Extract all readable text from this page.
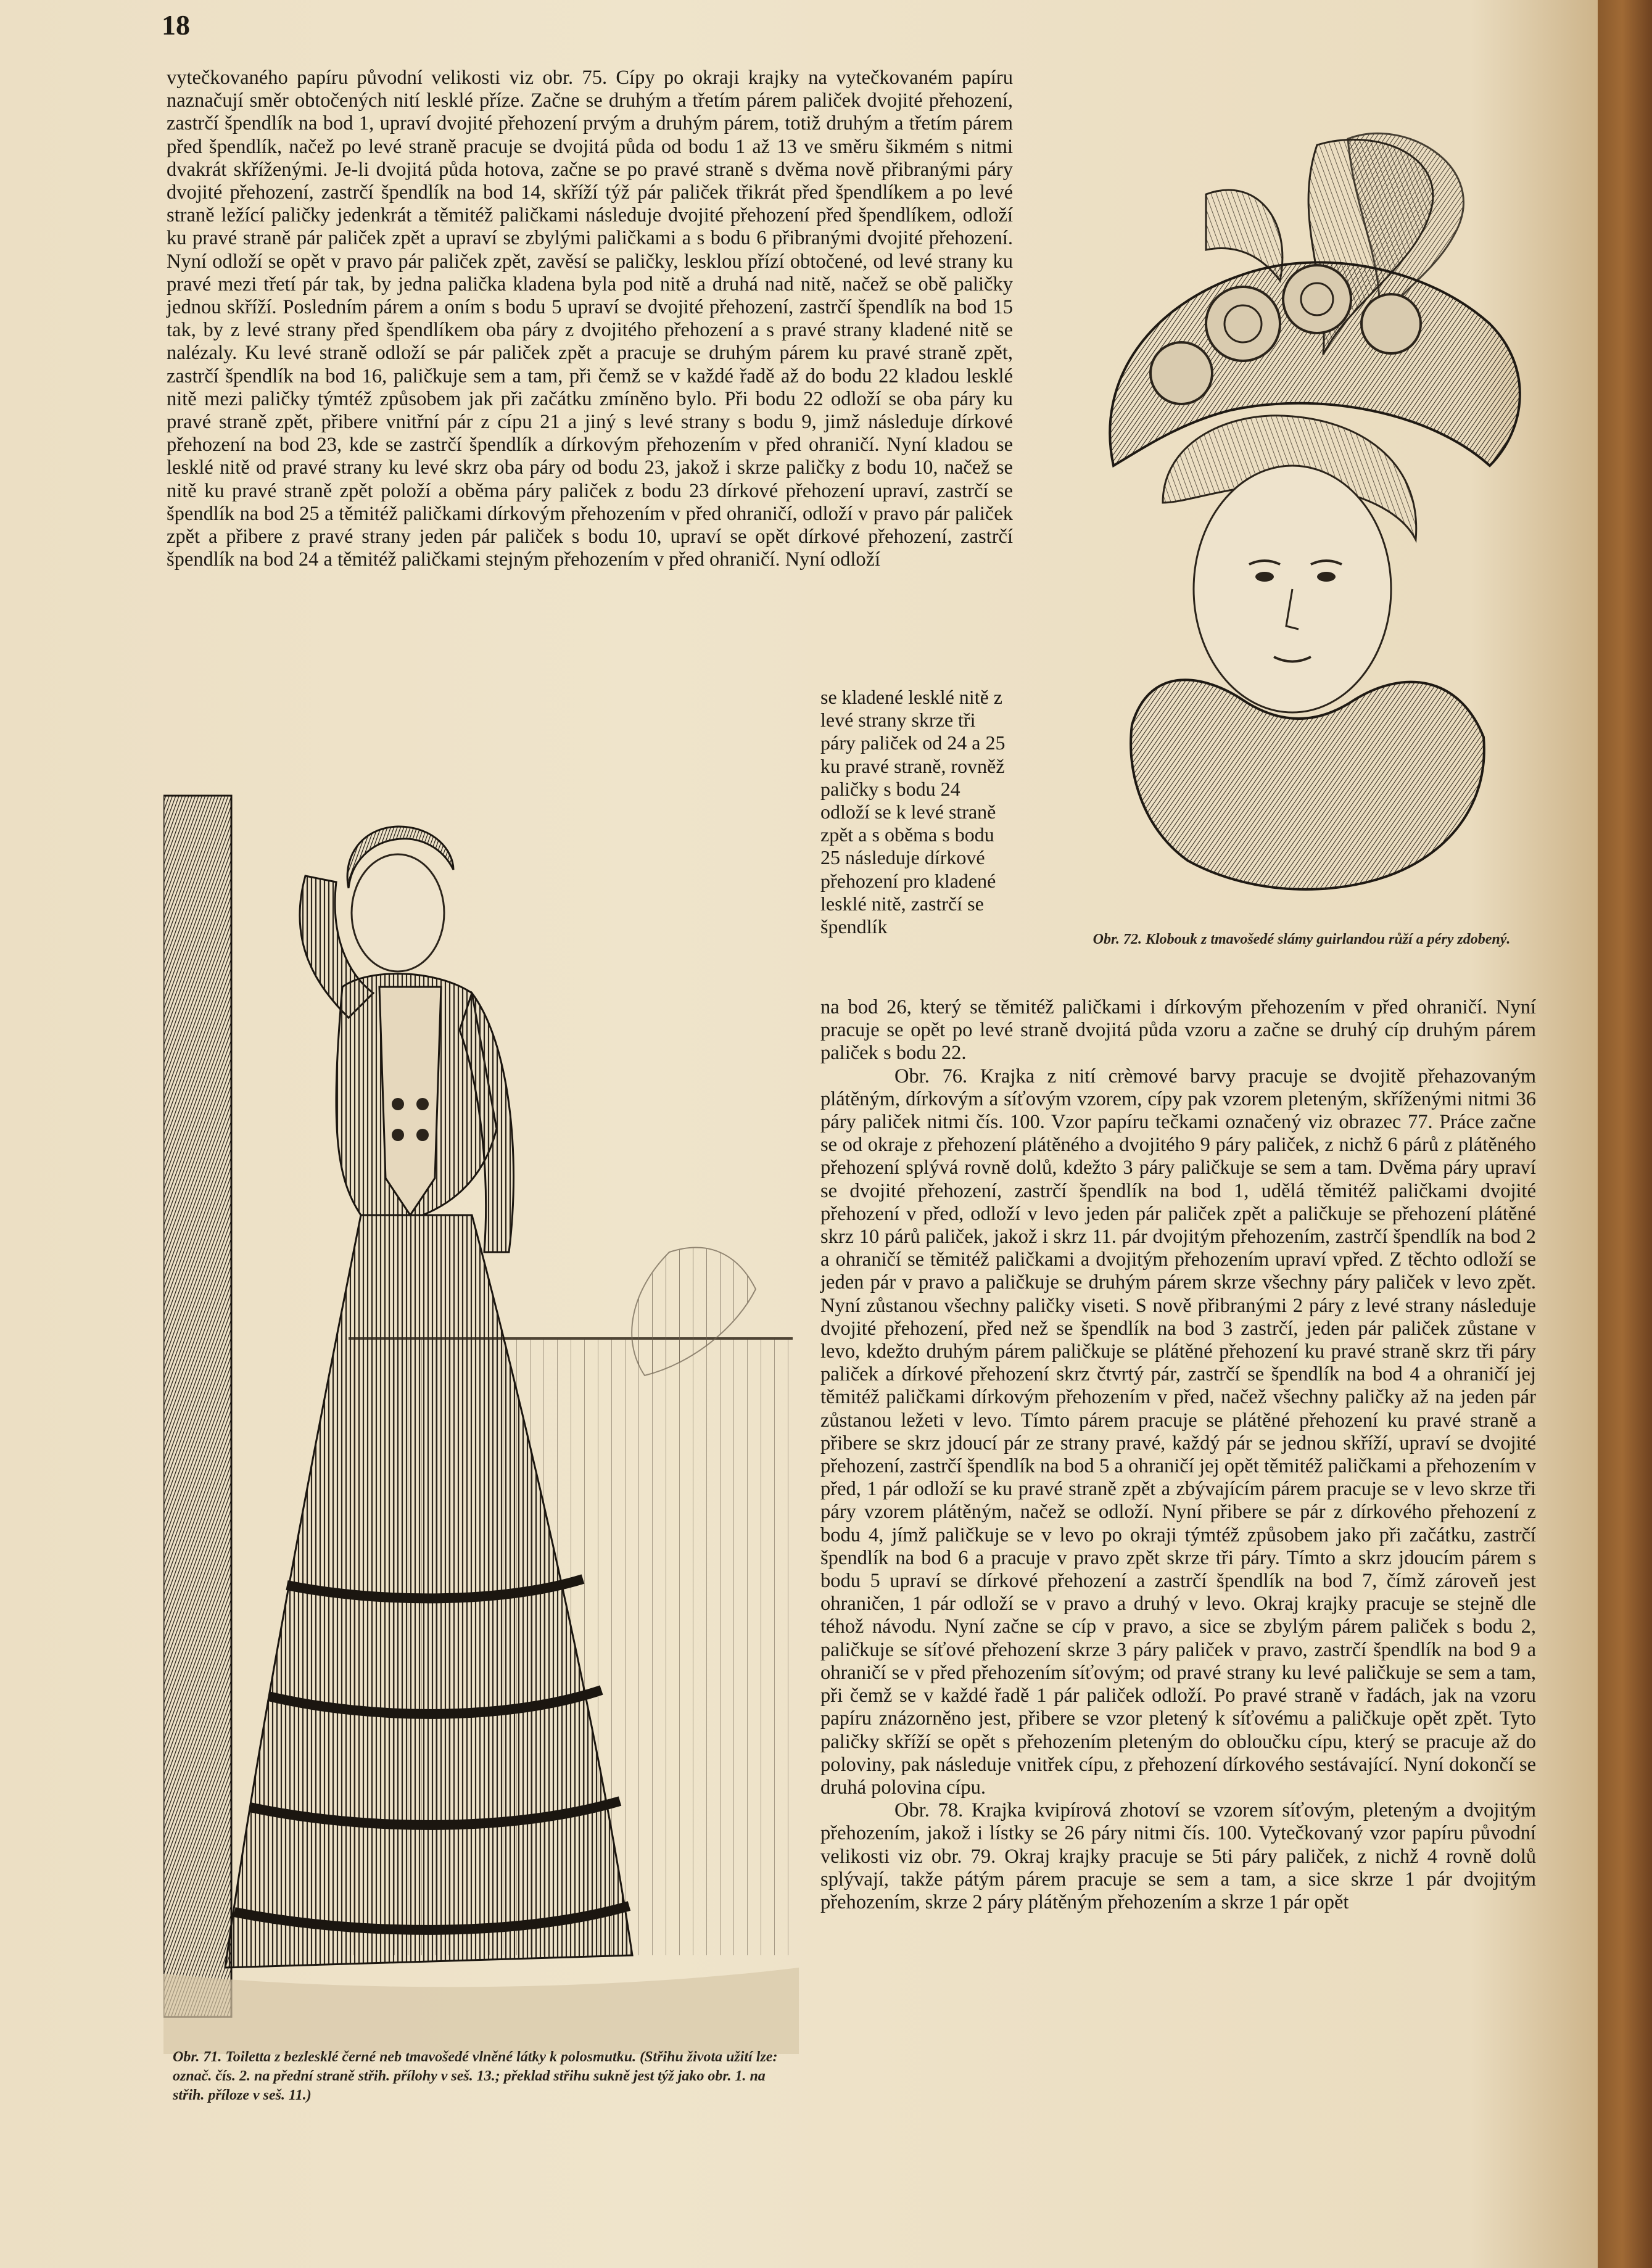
18

vytečkovaného papíru původní velikosti viz obr. 75. Cípy po okraji krajky na vytečkovaném papíru naznačují směr obtočených nití lesklé příze. Začne se druhým a třetím párem paliček dvojité přehození, zastrčí špendlík na bod 1, upraví dvojité přehození prvým a druhým párem, totiž druhým a třetím párem před špendlík, načež po levé straně pracuje se dvojitá půda od bodu 1 až 13 ve směru šikmém s nitmi dvakrát skříženými. Je-li dvojitá půda hotova, začne se po pravé straně s dvěma nově přibranými páry dvojité přehození, zastrčí špendlík na bod 14, skříží týž pár paliček třikrát před špendlíkem a po levé straně ležící paličky jedenkrát a těmitéž paličkami následuje dvojité přehození před špendlíkem, odloží ku pravé straně pár paliček zpět a upraví se zbylými paličkami a s bodu 6 přibranými dvojité přehození. Nyní odloží se opět v pravo pár paliček zpět, zavěsí se paličky, lesklou přízí obtočené, od levé strany ku pravé mezi třetí pár tak, by jedna palička kladena byla pod nitě a druhá nad nitě, načež se obě paličky jednou skříží. Posledním párem a oním s bodu 5 upraví se dvojité přehození, zastrčí špendlík na bod 15 tak, by z levé strany před špendlíkem oba páry z dvojitého přehození a s pravé strany kladené nitě se nalézaly. Ku levé straně odloží se pár paliček zpět a pracuje se druhým párem ku pravé straně zpět, zastrčí špendlík na bod 16, paličkuje sem a tam, při čemž se v každé řadě až do bodu 22 kladou lesklé nitě mezi paličky týmtéž způsobem jak při začátku zmíněno bylo. Při bodu 22 odloží se oba páry ku pravé straně zpět, přibere vnitřní pár z cípu 21 a jiný s levé strany s bodu 9, jimž následuje dírkové přehození na bod 23, kde se zastrčí špendlík a dírkovým přehozením v před ohraničí. Nyní kladou se lesklé nitě od pravé strany ku levé skrz oba páry od bodu 23, jakož i skrze paličky z bodu 10, načež se nitě ku pravé straně zpět položí a oběma páry paliček z bodu 23 dírkové přehození upraví, zastrčí se špendlík na bod 25 a těmitéž paličkami dírkovým přehozením v před ohraničí, odloží v pravo pár paliček zpět a přibere z pravé strany jeden pár paliček s bodu 10, upraví se opět dírkové přehození, zastrčí špendlík na bod 24 a těmitéž paličkami stejným přehozením v před ohraničí. Nyní odloží

se kladené lesklé nitě z levé strany skrze tři páry paliček od 24 a 25 ku pravé straně, rovněž paličky s bodu 24 odloží se k levé straně zpět a s oběma s bodu 25 následuje dírkové přehození pro kladené lesklé nitě, zastrčí se špendlík

na bod 26, který se těmitéž paličkami i dírkovým přehozením v před ohraničí. Nyní pracuje se opět po levé straně dvojitá půda vzoru a začne se druhý cíp druhým párem paliček s bodu 22.

Obr. 76. Krajka z nití crèmové barvy pracuje se dvojitě přehazovaným plátěným, dírkovým a síťovým vzorem, cípy pak vzorem pleteným, skříženými nitmi 36 páry paliček nitmi čís. 100. Vzor papíru tečkami označený viz obrazec 77. Práce začne se od okraje z přehození plátěného a dvojitého 9 páry paliček, z nichž 6 párů z plátěného přehození splývá rovně dolů, kdežto 3 páry paličkuje se sem a tam. Dvěma páry upraví se dvojité přehození, zastrčí špendlík na bod 1, udělá těmitéž paličkami dvojité přehození v před, odloží v levo jeden pár paliček zpět a paličkuje se přehození plátěné skrz 10 párů paliček, jakož i skrz 11. pár dvojitým přehozením, zastrčí špendlík na bod 2 a ohraničí se těmitéž paličkami a dvojitým přehozením upraví vpřed. Z těchto odloží se jeden pár v pravo a paličkuje se druhým párem skrze všechny páry paliček v levo zpět. Nyní zůstanou všechny paličky viseti. S nově přibranými 2 páry z levé strany následuje dvojité přehození, před než se špendlík na bod 3 zastrčí, jeden pár paliček zůstane v levo, kdežto druhým párem paličkuje se plátěné přehození ku pravé straně skrz tři páry paliček a dírkové přehození skrz čtvrtý pár, zastrčí se špendlík na bod 4 a ohraničí jej těmitéž paličkami dírkovým přehozením v před, načež všechny paličky až na jeden pár zůstanou ležeti v levo. Tímto párem pracuje se plátěné přehození ku pravé straně a přibere se skrz jdoucí pár ze strany pravé, každý pár se jednou skříží, upraví se dvojité přehození, zastrčí špendlík na bod 5 a ohraničí jej opět těmitéž paličkami a přehozením v před, 1 pár odloží se ku pravé straně zpět a zbývajícím párem pracuje se v levo skrze tři páry vzorem plátěným, načež se odloží. Nyní přibere se pár z dírkového přehození z bodu 4, jímž paličkuje se v levo po okraji týmtéž způsobem jako při začátku, zastrčí špendlík na bod 6 a pracuje v pravo zpět skrze tři páry. Tímto a skrz jdoucím párem s bodu 5 upraví se dírkové přehození a zastrčí špendlík na bod 7, čímž zároveň jest ohraničen, 1 pár odloží se v pravo a druhý v levo. Okraj krajky pracuje se stejně dle téhož návodu. Nyní začne se cíp v pravo, a sice se zbylým párem paliček s bodu 2, paličkuje se síťové přehození skrze 3 páry paliček v pravo, zastrčí špendlík na bod 9 a ohraničí se v před přehozením síťovým; od pravé strany ku levé paličkuje se sem a tam, při čemž se v každé řadě 1 pár paliček odloží. Po pravé straně v řadách, jak na vzoru papíru znázorněno jest, přibere se vzor pletený k síťovému a paličkuje opět zpět. Tyto paličky skříží se opět s přehozením pleteným do obloučku cípu, který se pracuje až do poloviny, pak následuje vnitřek cípu, z přehození dírkového sestávající. Nyní dokončí se druhá polovina cípu.

Obr. 78. Krajka kvipírová zhotoví se vzorem síťovým, pleteným a dvojitým přehozením, jakož i lístky se 26 páry nitmi čís. 100. Vytečkovaný vzor papíru původní velikosti viz obr. 79. Okraj krajky pracuje se 5ti páry paliček, z nichž 4 rovně dolů splývají, takže pátým párem pracuje se sem a tam, a sice skrze 1 pár dvojitým přehozením, skrze 2 páry plátěným přehozením a skrze 1 pár opět

Obr. 72. Klobouk z tmavošedé slámy guirlandou růží a péry zdobený.
Obr. 71. Toiletta z bezlesklé černé neb tmavošedé vlněné látky k polosmutku. (Střihu života užití lze: označ. čís. 2. na přední straně střih. přílohy v seš. 13.; překlad střihu sukně jest týž jako obr. 1. na střih. příloze v seš. 11.)
